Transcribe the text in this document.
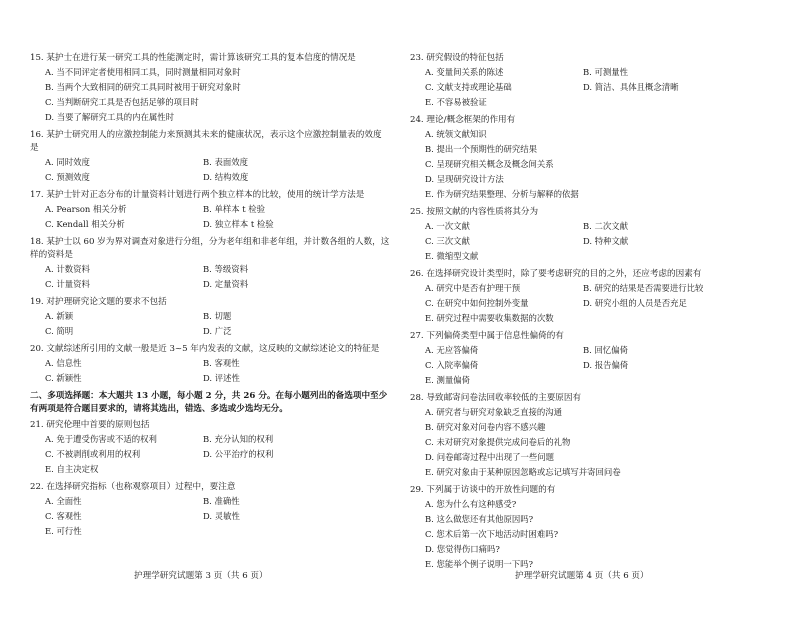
15. 某护士在进行某一研究工具的性能测定时，需计算该研究工具的复本信度的情况是

A. 当不同评定者使用相同工具，同时测量相同对象时
B. 当两个大致相同的研究工具同时被用于研究对象时
C. 当判断研究工具是否包括足够的项目时
D. 当要了解研究工具的内在属性时

16. 某护士研究用人的应激控制能力来预测其未来的健康状况，表示这个应激控制量表的效度是

A. 同时效度	B. 表面效度
C. 预测效度	D. 结构效度

17. 某护士针对正态分布的计量资料计划进行两个独立样本的比较，使用的统计学方法是

A. Pearson 相关分析	B. 单样本 t 检验
C. Kendall 相关分析	D. 独立样本 t 检验

18. 某护士以 60 岁为界对调查对象进行分组，分为老年组和非老年组，并计数各组的人数，这样的资料是

A. 计数资料	B. 等级资料
C. 计量资料	D. 定量资料

19. 对护理研究论文题的要求不包括

A. 新颖	B. 切题
C. 简明	D. 广泛

20. 文献综述所引用的文献一般是近 3~5 年内发表的文献，这反映的文献综述论文的特征是

A. 信息性	B. 客观性
C. 新颖性	D. 评述性
二、多项选择题：本大题共 13 小题，每小题 2 分，共 26 分。在每小题列出的备选项中至少有两项是符合题目要求的，请将其选出，错选、多选或少选均无分。

21. 研究伦理中首要的原则包括

A. 免于遭受伤害或不适的权利	B. 充分认知的权利
C. 不被剥削或利用的权利	D. 公平治疗的权利
E. 自主决定权

22. 在选择研究指标（也称观察项目）过程中，要注意

A. 全面性	B. 准确性
C. 客观性	D. 灵敏性
E. 可行性

23. 研究假设的特征包括

A. 变量间关系的陈述	B. 可测量性
C. 文献支持或理论基础	D. 简洁、具体且概念清晰
E. 不容易被验证

24. 理论/概念框架的作用有

A. 统领文献知识
B. 提出一个预期性的研究结果
C. 呈现研究相关概念及概念间关系
D. 呈现研究设计方法
E. 作为研究结果整理、分析与解释的依据

25. 按照文献的内容性质将其分为

A. 一次文献	B. 二次文献
C. 三次文献	D. 特种文献
E. 微缩型文献

26. 在选择研究设计类型时，除了要考虑研究的目的之外，还应考虑的因素有

A. 研究中是否有护理干预	B. 研究的结果是否需要进行比较
C. 在研究中如何控制外变量	D. 研究小组的人员是否充足
E. 研究过程中需要收集数据的次数

27. 下列偏倚类型中属于信息性偏倚的有

A. 无应答偏倚	B. 回忆偏倚
C. 入院率偏倚	D. 报告偏倚
E. 测量偏倚

28. 导致邮寄问卷法回收率较低的主要原因有

A. 研究者与研究对象缺乏直接的沟通
B. 研究对象对问卷内容不感兴趣
C. 未对研究对象提供完成问卷后的礼物
D. 问卷邮寄过程中出现了一些问题
E. 研究对象由于某种原因忽略或忘记填写并寄回问卷

29. 下列属于访谈中的开放性问题的有

A. 您为什么有这种感受?
B. 这么做您还有其他原因吗?
C. 您术后第一次下地活动时困难吗?
D. 您觉得伤口痛吗?
E. 您能举个例子说明一下吗?
护理学研究试题第 3 页（共 6 页）	护理学研究试题第 4 页（共 6 页）
